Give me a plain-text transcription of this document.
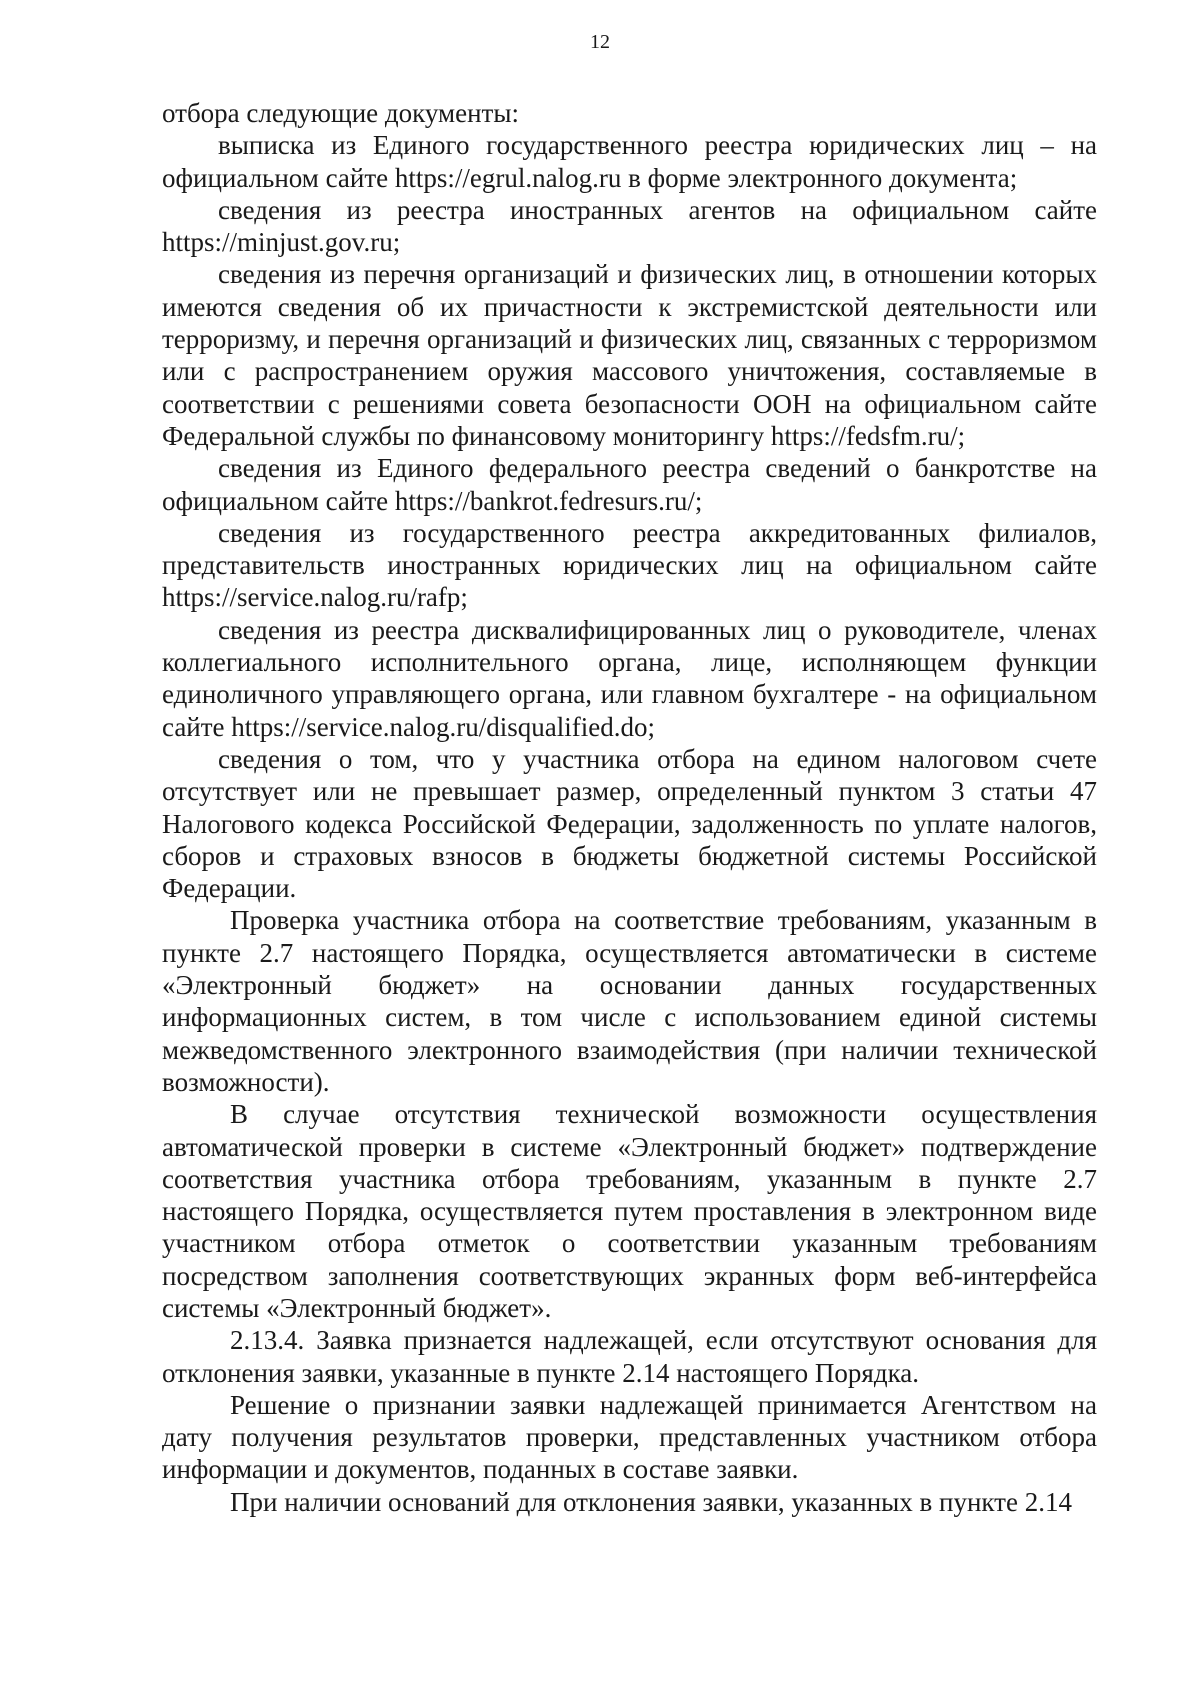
12

отбора следующие документы:

выписка из Единого государственного реестра юридических лиц – на официальном сайте https://egrul.nalog.ru в форме электронного документа;

сведения из реестра иностранных агентов на официальном сайте https://minjust.gov.ru;

сведения из перечня организаций и физических лиц, в отношении которых имеются сведения об их причастности к экстремистской деятельности или терроризму, и перечня организаций и физических лиц, связанных с терроризмом или с распространением оружия массового уничтожения, составляемые в соответствии с решениями совета безопасности ООН на официальном сайте Федеральной службы по финансовому мониторингу https://fedsfm.ru/;

сведения из Единого федерального реестра сведений о банкротстве на официальном сайте https://bankrot.fedresurs.ru/;

сведения из государственного реестра аккредитованных филиалов, представительств иностранных юридических лиц на официальном сайте https://service.nalog.ru/rafp;

сведения из реестра дисквалифицированных лиц о руководителе, членах коллегиального исполнительного органа, лице, исполняющем функции единоличного управляющего органа, или главном бухгалтере - на официальном сайте https://service.nalog.ru/disqualified.do;

сведения о том, что у участника отбора на едином налоговом счете отсутствует или не превышает размер, определенный пунктом 3 статьи 47 Налогового кодекса Российской Федерации, задолженность по уплате налогов, сборов и страховых взносов в бюджеты бюджетной системы Российской Федерации.

Проверка участника отбора на соответствие требованиям, указанным в пункте 2.7 настоящего Порядка, осуществляется автоматически в системе «Электронный бюджет» на основании данных государственных информационных систем, в том числе с использованием единой системы межведомственного электронного взаимодействия (при наличии технической возможности).

В случае отсутствия технической возможности осуществления автоматической проверки в системе «Электронный бюджет» подтверждение соответствия участника отбора требованиям, указанным в пункте 2.7 настоящего Порядка, осуществляется путем проставления в электронном виде участником отбора отметок о соответствии указанным требованиям посредством заполнения соответствующих экранных форм веб-интерфейса системы «Электронный бюджет».

2.13.4. Заявка признается надлежащей, если отсутствуют основания для отклонения заявки, указанные в пункте 2.14 настоящего Порядка.

Решение о признании заявки надлежащей принимается Агентством на дату получения результатов проверки, представленных участником отбора информации и документов, поданных в составе заявки.

При наличии оснований для отклонения заявки, указанных в пункте 2.14
